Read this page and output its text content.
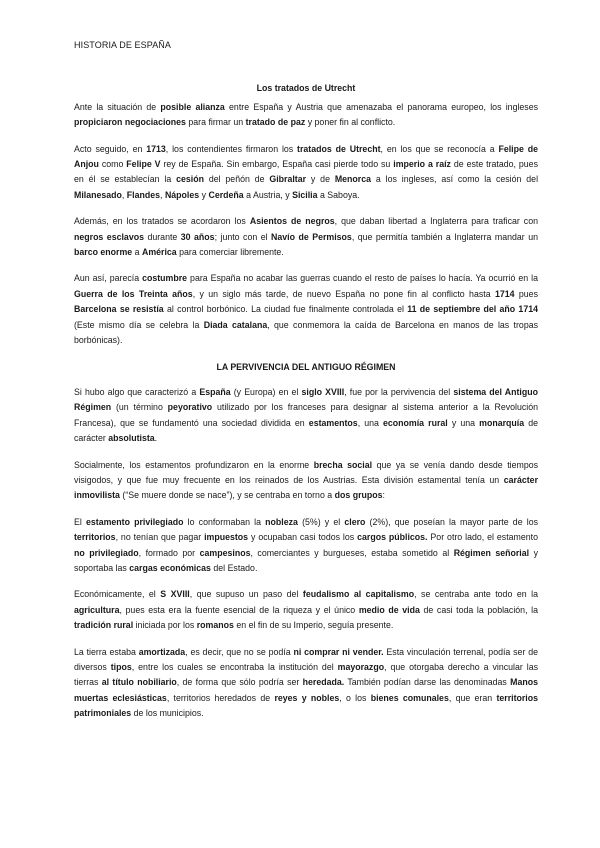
HISTORIA DE ESPAÑA
Los tratados de Utrecht

Ante la situación de posible alianza entre España y Austria que amenazaba el panorama europeo, los ingleses propiciaron negociaciones para firmar un tratado de paz y poner fin al conflicto.

Acto seguido, en 1713, los contendientes firmaron los tratados de Utrecht, en los que se reconocía a Felipe de Anjou como Felipe V rey de España. Sin embargo, España casi pierde todo su imperio a raíz de este tratado, pues en él se establecían la cesión del peñón de Gibraltar y de Menorca a los ingleses, así como la cesión del Milanesado, Flandes, Nápoles y Cerdeña a Austria, y Sicilia a Saboya.

Además, en los tratados se acordaron los Asientos de negros, que daban libertad a Inglaterra para traficar con negros esclavos durante 30 años; junto con el Navío de Permisos, que permitía también a Inglaterra mandar un barco enorme a América para comerciar libremente.

Aun así, parecía costumbre para España no acabar las guerras cuando el resto de países lo hacía. Ya ocurrió en la Guerra de los Treinta años, y un siglo más tarde, de nuevo España no pone fin al conflicto hasta 1714 pues Barcelona se resistía al control borbónico. La ciudad fue finalmente controlada el 11 de septiembre del año 1714 (Este mismo día se celebra la Diada catalana, que conmemora la caída de Barcelona en manos de las tropas borbónicas).

LA PERVIVENCIA DEL ANTIGUO RÉGIMEN

Si hubo algo que caracterizó a España (y Europa) en el siglo XVIII, fue por la pervivencia del sistema del Antiguo Régimen (un término peyorativo utilizado por los franceses para designar al sistema anterior a la Revolución Francesa), que se fundamentó una sociedad dividida en estamentos, una economía rural y una monarquía de carácter absolutista.

Socialmente, los estamentos profundizaron en la enorme brecha social que ya se venía dando desde tiempos visigodos, y que fue muy frecuente en los reinados de los Austrias. Esta división estamental tenía un carácter inmovilista (“Se muere donde se nace”), y se centraba en torno a dos grupos:

El estamento privilegiado lo conformaban la nobleza (5%) y el clero (2%), que poseían la mayor parte de los territorios, no tenían que pagar impuestos y ocupaban casi todos los cargos públicos. Por otro lado, el estamento no privilegiado, formado por campesinos, comerciantes y burgueses, estaba sometido al Régimen señorial y soportaba las cargas económicas del Estado.

Económicamente, el S XVIII, que supuso un paso del feudalismo al capitalismo, se centraba ante todo en la agricultura, pues esta era la fuente esencial de la riqueza y el único medio de vida de casi toda la población, la tradición rural iniciada por los romanos en el fin de su Imperio, seguía presente.

La tierra estaba amortizada, es decir, que no se podía ni comprar ni vender. Esta vinculación terrenal, podía ser de diversos tipos, entre los cuales se encontraba la institución del mayorazgo, que otorgaba derecho a vincular las tierras al título nobiliario, de forma que sólo podría ser heredada. También podían darse las denominadas Manos muertas eclesiásticas, territorios heredados de reyes y nobles, o los bienes comunales, que eran territorios patrimoniales de los municipios.
